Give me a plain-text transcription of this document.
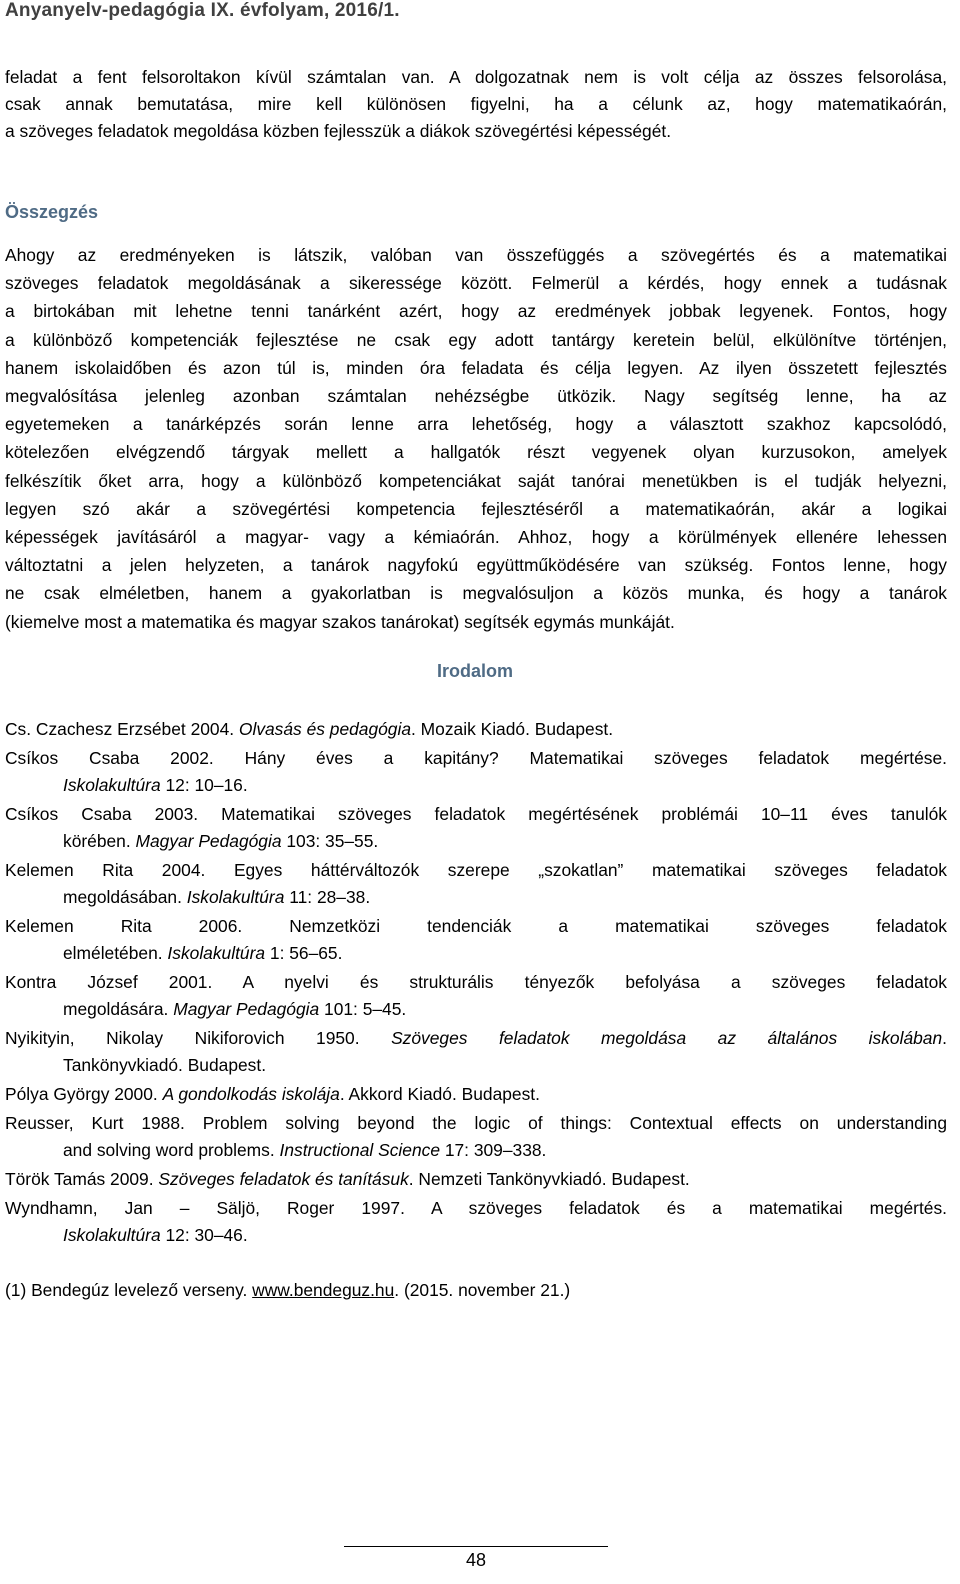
Anyanyelv-pedagógia IX. évfolyam, 2016/1.
feladat a fent felsoroltakon kívül számtalan van. A dolgozatnak nem is volt célja az összes felsorolása,
csak annak bemutatása, mire kell különösen figyelni, ha a célunk az, hogy matematikaórán,
a szöveges feladatok megoldása közben fejlesszük a diákok szövegértési képességét.
Összegzés
Ahogy az eredményeken is látszik, valóban van összefüggés a szövegértés és a matematikai
szöveges feladatok megoldásának a sikeressége között. Felmerül a kérdés, hogy ennek a tudásnak
a birtokában mit lehetne tenni tanárként azért, hogy az eredmények jobbak legyenek. Fontos, hogy
a különböző kompetenciák fejlesztése ne csak egy adott tantárgy keretein belül, elkülönítve történjen,
hanem iskolaidőben és azon túl is, minden óra feladata és célja legyen. Az ilyen összetett fejlesztés
megvalósítása jelenleg azonban számtalan nehézségbe ütközik. Nagy segítség lenne, ha az
egyetemeken a tanárképzés során lenne arra lehetőség, hogy a választott szakhoz kapcsolódó,
kötelezően elvégzendő tárgyak mellett a hallgatók részt vegyenek olyan kurzusokon, amelyek
felkészítik őket arra, hogy a különböző kompetenciákat saját tanórai menetükben is el tudják helyezni,
legyen szó akár a szövegértési kompetencia fejlesztéséről a matematikaórán, akár a logikai
képességek javításáról a magyar- vagy a kémiaórán. Ahhoz, hogy a körülmények ellenére lehessen
változtatni a jelen helyzeten, a tanárok nagyfokú együttműködésére van szükség. Fontos lenne, hogy
ne csak elméletben, hanem a gyakorlatban is megvalósuljon a közös munka, és hogy a tanárok
(kiemelve most a matematika és magyar szakos tanárokat) segítsék egymás munkáját.
Irodalom
Cs. Czachesz Erzsébet 2004. Olvasás és pedagógia. Mozaik Kiadó. Budapest.
Csíkos Csaba 2002. Hány éves a kapitány? Matematikai szöveges feladatok megértése.
Iskolakultúra 12: 10–16.
Csíkos Csaba 2003. Matematikai szöveges feladatok megértésének problémái 10–11 éves tanulók
körében. Magyar Pedagógia 103: 35–55.
Kelemen Rita 2004. Egyes háttérváltozók szerepe „szokatlan” matematikai szöveges feladatok
megoldásában. Iskolakultúra 11: 28–38.
Kelemen Rita 2006. Nemzetközi tendenciák a matematikai szöveges feladatok
elméletében. Iskolakultúra 1: 56–65.
Kontra József 2001. A nyelvi és strukturális tényezők befolyása a szöveges feladatok
megoldására. Magyar Pedagógia 101: 5–45.
Nyikityin, Nikolay Nikiforovich 1950. Szöveges feladatok megoldása az általános iskolában.
Tankönyvkiadó. Budapest.
Pólya György 2000. A gondolkodás iskolája. Akkord Kiadó. Budapest.
Reusser, Kurt 1988. Problem solving beyond the logic of things: Contextual effects on understanding
and solving word problems. Instructional Science 17: 309–338.
Török Tamás 2009. Szöveges feladatok és tanításuk. Nemzeti Tankönyvkiadó. Budapest.
Wyndhamn, Jan – Säljö, Roger 1997. A szöveges feladatok és a matematikai megértés.
Iskolakultúra 12: 30–46.
(1) Bendegúz levelező verseny. www.bendeguz.hu. (2015. november 21.)
48
